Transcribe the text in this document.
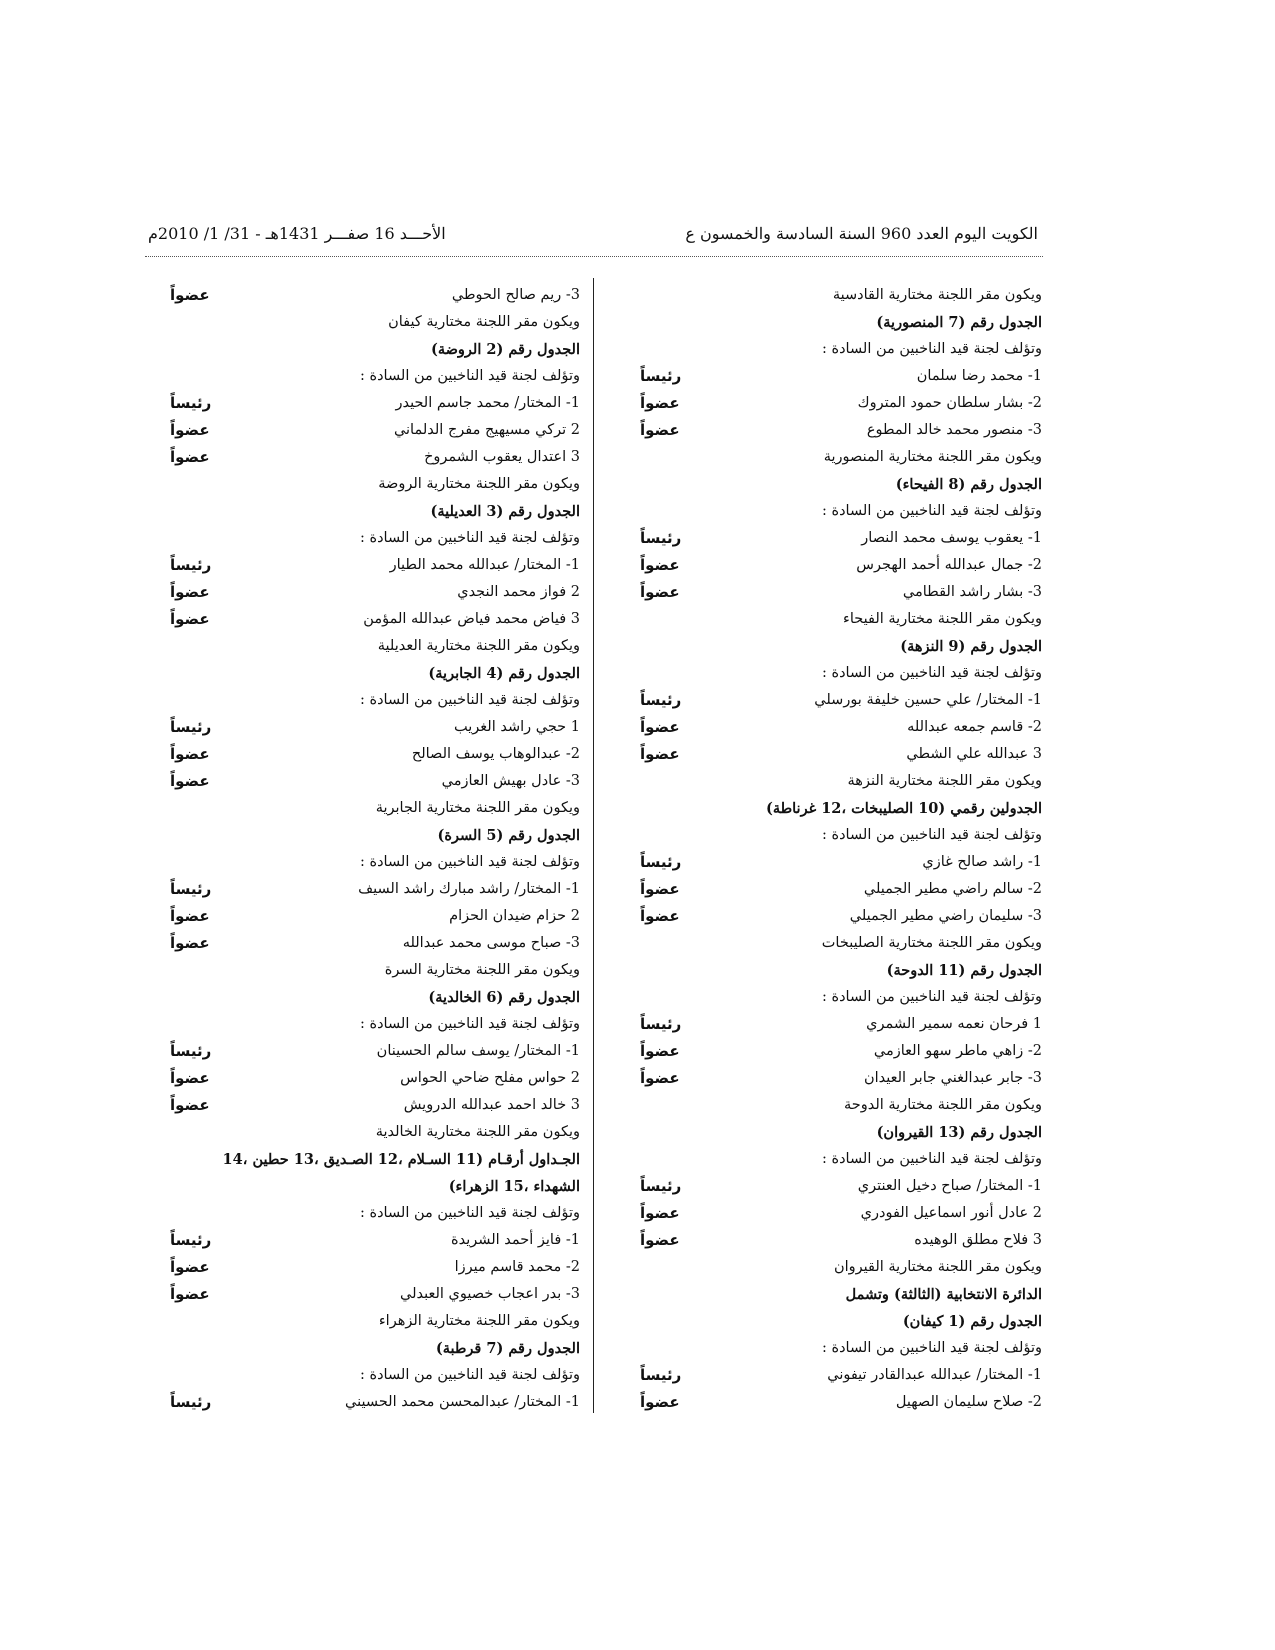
الكويت اليوم العدد 960 السنة السادسة والخمسون ع
الأحـــد 16 صفـــر 1431هـ - 31/ 1/ 2010م
ويكون مقر اللجنة مختارية القادسية
الجدول رقم (7 المنصورية)
وتؤلف لجنة قيد الناخبين من السادة :
1- محمد رضا سلمان
رئيساً
2- بشار سلطان حمود المتروك
عضواً
3- منصور محمد خالد المطوع
عضواً
ويكون مقر اللجنة مختارية المنصورية
الجدول رقم (8 الفيحاء)
وتؤلف لجنة قيد الناخبين من السادة :
1- يعقوب يوسف محمد النصار
رئيساً
2- جمال عبدالله أحمد الهجرس
عضواً
3- بشار راشد القطامي
عضواً
ويكون مقر اللجنة مختارية الفيحاء
الجدول رقم (9 النزهة)
وتؤلف لجنة قيد الناخبين من السادة :
1- المختار/ علي حسين خليفة بورسلي
رئيساً
2- قاسم جمعه عبدالله
عضواً
3 عبدالله علي الشطي
عضواً
ويكون مقر اللجنة مختارية النزهة
الجدولين رقمي (10 الصليبخات ،12 غرناطة)
وتؤلف لجنة قيد الناخبين من السادة :
1- راشد صالح غازي
رئيساً
2- سالم راضي مطير الجميلي
عضواً
3- سليمان راضي مطير الجميلي
عضواً
ويكون مقر اللجنة مختارية الصليبخات
الجدول رقم (11 الدوحة)
وتؤلف لجنة قيد الناخبين من السادة :
1 فرحان نعمه سمير الشمري
رئيساً
2- زاهي ماطر سهو العازمي
عضواً
3- جابر عبدالغني جابر العيدان
عضواً
ويكون مقر اللجنة مختارية الدوحة
الجدول رقم (13 القيروان)
وتؤلف لجنة قيد الناخبين من السادة :
1- المختار/ صباح دخيل العنتري
رئيساً
2 عادل أنور اسماعيل الفودري
عضواً
3 فلاح مطلق الوهيده
عضواً
ويكون مقر اللجنة مختارية القيروان
الدائرة الانتخابية (الثالثة) وتشمل
الجدول رقم (1 كيفان)
وتؤلف لجنة قيد الناخبين من السادة :
1- المختار/ عبدالله عبدالقادر تيفوني
رئيساً
2- صلاح سليمان الصهيل
عضواً
3- ريم صالح الحوطي
عضواً
ويكون مقر اللجنة مختارية كيفان
الجدول رقم (2 الروضة)
وتؤلف لجنة قيد الناخبين من السادة :
1- المختار/ محمد جاسم الحيدر
رئيساً
2 تركي مسيهيج مفرج الدلماني
عضواً
3 اعتدال يعقوب الشمروخ
عضواً
ويكون مقر اللجنة مختارية الروضة
الجدول رقم (3 العديلية)
وتؤلف لجنة قيد الناخبين من السادة :
1- المختار/ عبدالله محمد الطيار
رئيساً
2 فواز محمد النجدي
عضواً
3 فياض محمد فياض عبدالله المؤمن
عضواً
ويكون مقر اللجنة مختارية العديلية
الجدول رقم (4 الجابرية)
وتؤلف لجنة قيد الناخبين من السادة :
1 حجي راشد الغريب
رئيساً
2- عبدالوهاب يوسف الصالح
عضواً
3- عادل بهيش العازمي
عضواً
ويكون مقر اللجنة مختارية الجابرية
الجدول رقم (5 السرة)
وتؤلف لجنة قيد الناخبين من السادة :
1- المختار/ راشد مبارك راشد السيف
رئيساً
2 حزام ضيدان الحزام
عضواً
3- صباح موسى محمد عبدالله
عضواً
ويكون مقر اللجنة مختارية السرة
الجدول رقم (6 الخالدية)
وتؤلف لجنة قيد الناخبين من السادة :
1- المختار/ يوسف سالم الحسينان
رئيساً
2 حواس مفلح ضاحي الحواس
عضواً
3 خالد احمد عبدالله الدرويش
عضواً
ويكون مقر اللجنة مختارية الخالدية
الجـداول أرقـام (11 السـلام ،12 الصـديق ،13 حطين ،14
الشهداء ،15 الزهراء)
وتؤلف لجنة قيد الناخبين من السادة :
1- فايز أحمد الشريدة
رئيساً
2- محمد قاسم ميرزا
عضواً
3- بدر اعجاب خصيوي العبدلي
عضواً
ويكون مقر اللجنة مختارية الزهراء
الجدول رقم (7 قرطبة)
وتؤلف لجنة قيد الناخبين من السادة :
1- المختار/ عبدالمحسن محمد الحسيني
رئيساً
